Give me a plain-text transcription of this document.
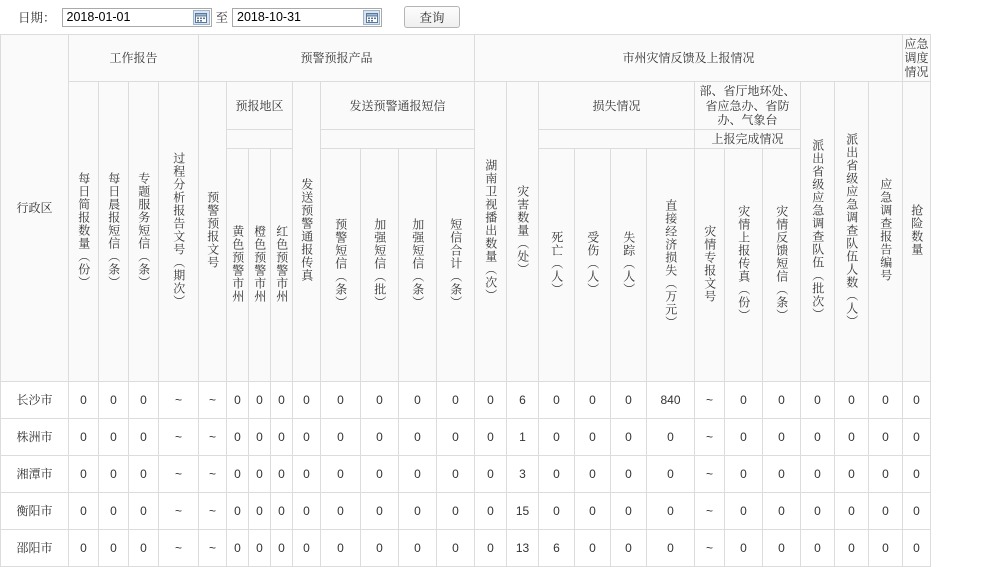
日期：
2018-01-01	至
2018-10-31	查询
行政区	工作报告				预警预报产品									市州灾情反馈及上报情况												应急调度情况
	每日简报数量（份）	每日晨报短信（条）	专题服务短信（条）	过程分析报告文号（期次）	预警预报文号	预报地区			发送预警通报传真	发送预警通报短信				湖南卫视播出数量（次）	灾害数量（处）	损失情况				部、省厅地环处、省应急办、省防办、气象台			派出省级应急调查队伍（批次）	派出省级应急调查队伍人数（人）	应急调查报告编号	抢险数量
																				上报完成情况						
						黄色预警市州	橙色预警市州	红色预警市州		预警短信（条）	加强短信（批）	加强短信（条）	短信合计（条）			死亡（人）	受伤（人）	失踪（人）	直接经济损失（万元）	灾情专报文号	灾情上报传真（份）	灾情反馈短信（条）				
长沙市	0	0	0	~	~	0	0	0	0	0	0	0	0	0	6	0	0	0	840	~	0	0	0	0	0	0
株洲市	0	0	0	~	~	0	0	0	0	0	0	0	0	0	1	0	0	0	0	~	0	0	0	0	0	0
湘潭市	0	0	0	~	~	0	0	0	0	0	0	0	0	0	3	0	0	0	0	~	0	0	0	0	0	0
衡阳市	0	0	0	~	~	0	0	0	0	0	0	0	0	0	15	0	0	0	0	~	0	0	0	0	0	0
邵阳市	0	0	0	~	~	0	0	0	0	0	0	0	0	0	13	6	0	0	0	~	0	0	0	0	0	0
